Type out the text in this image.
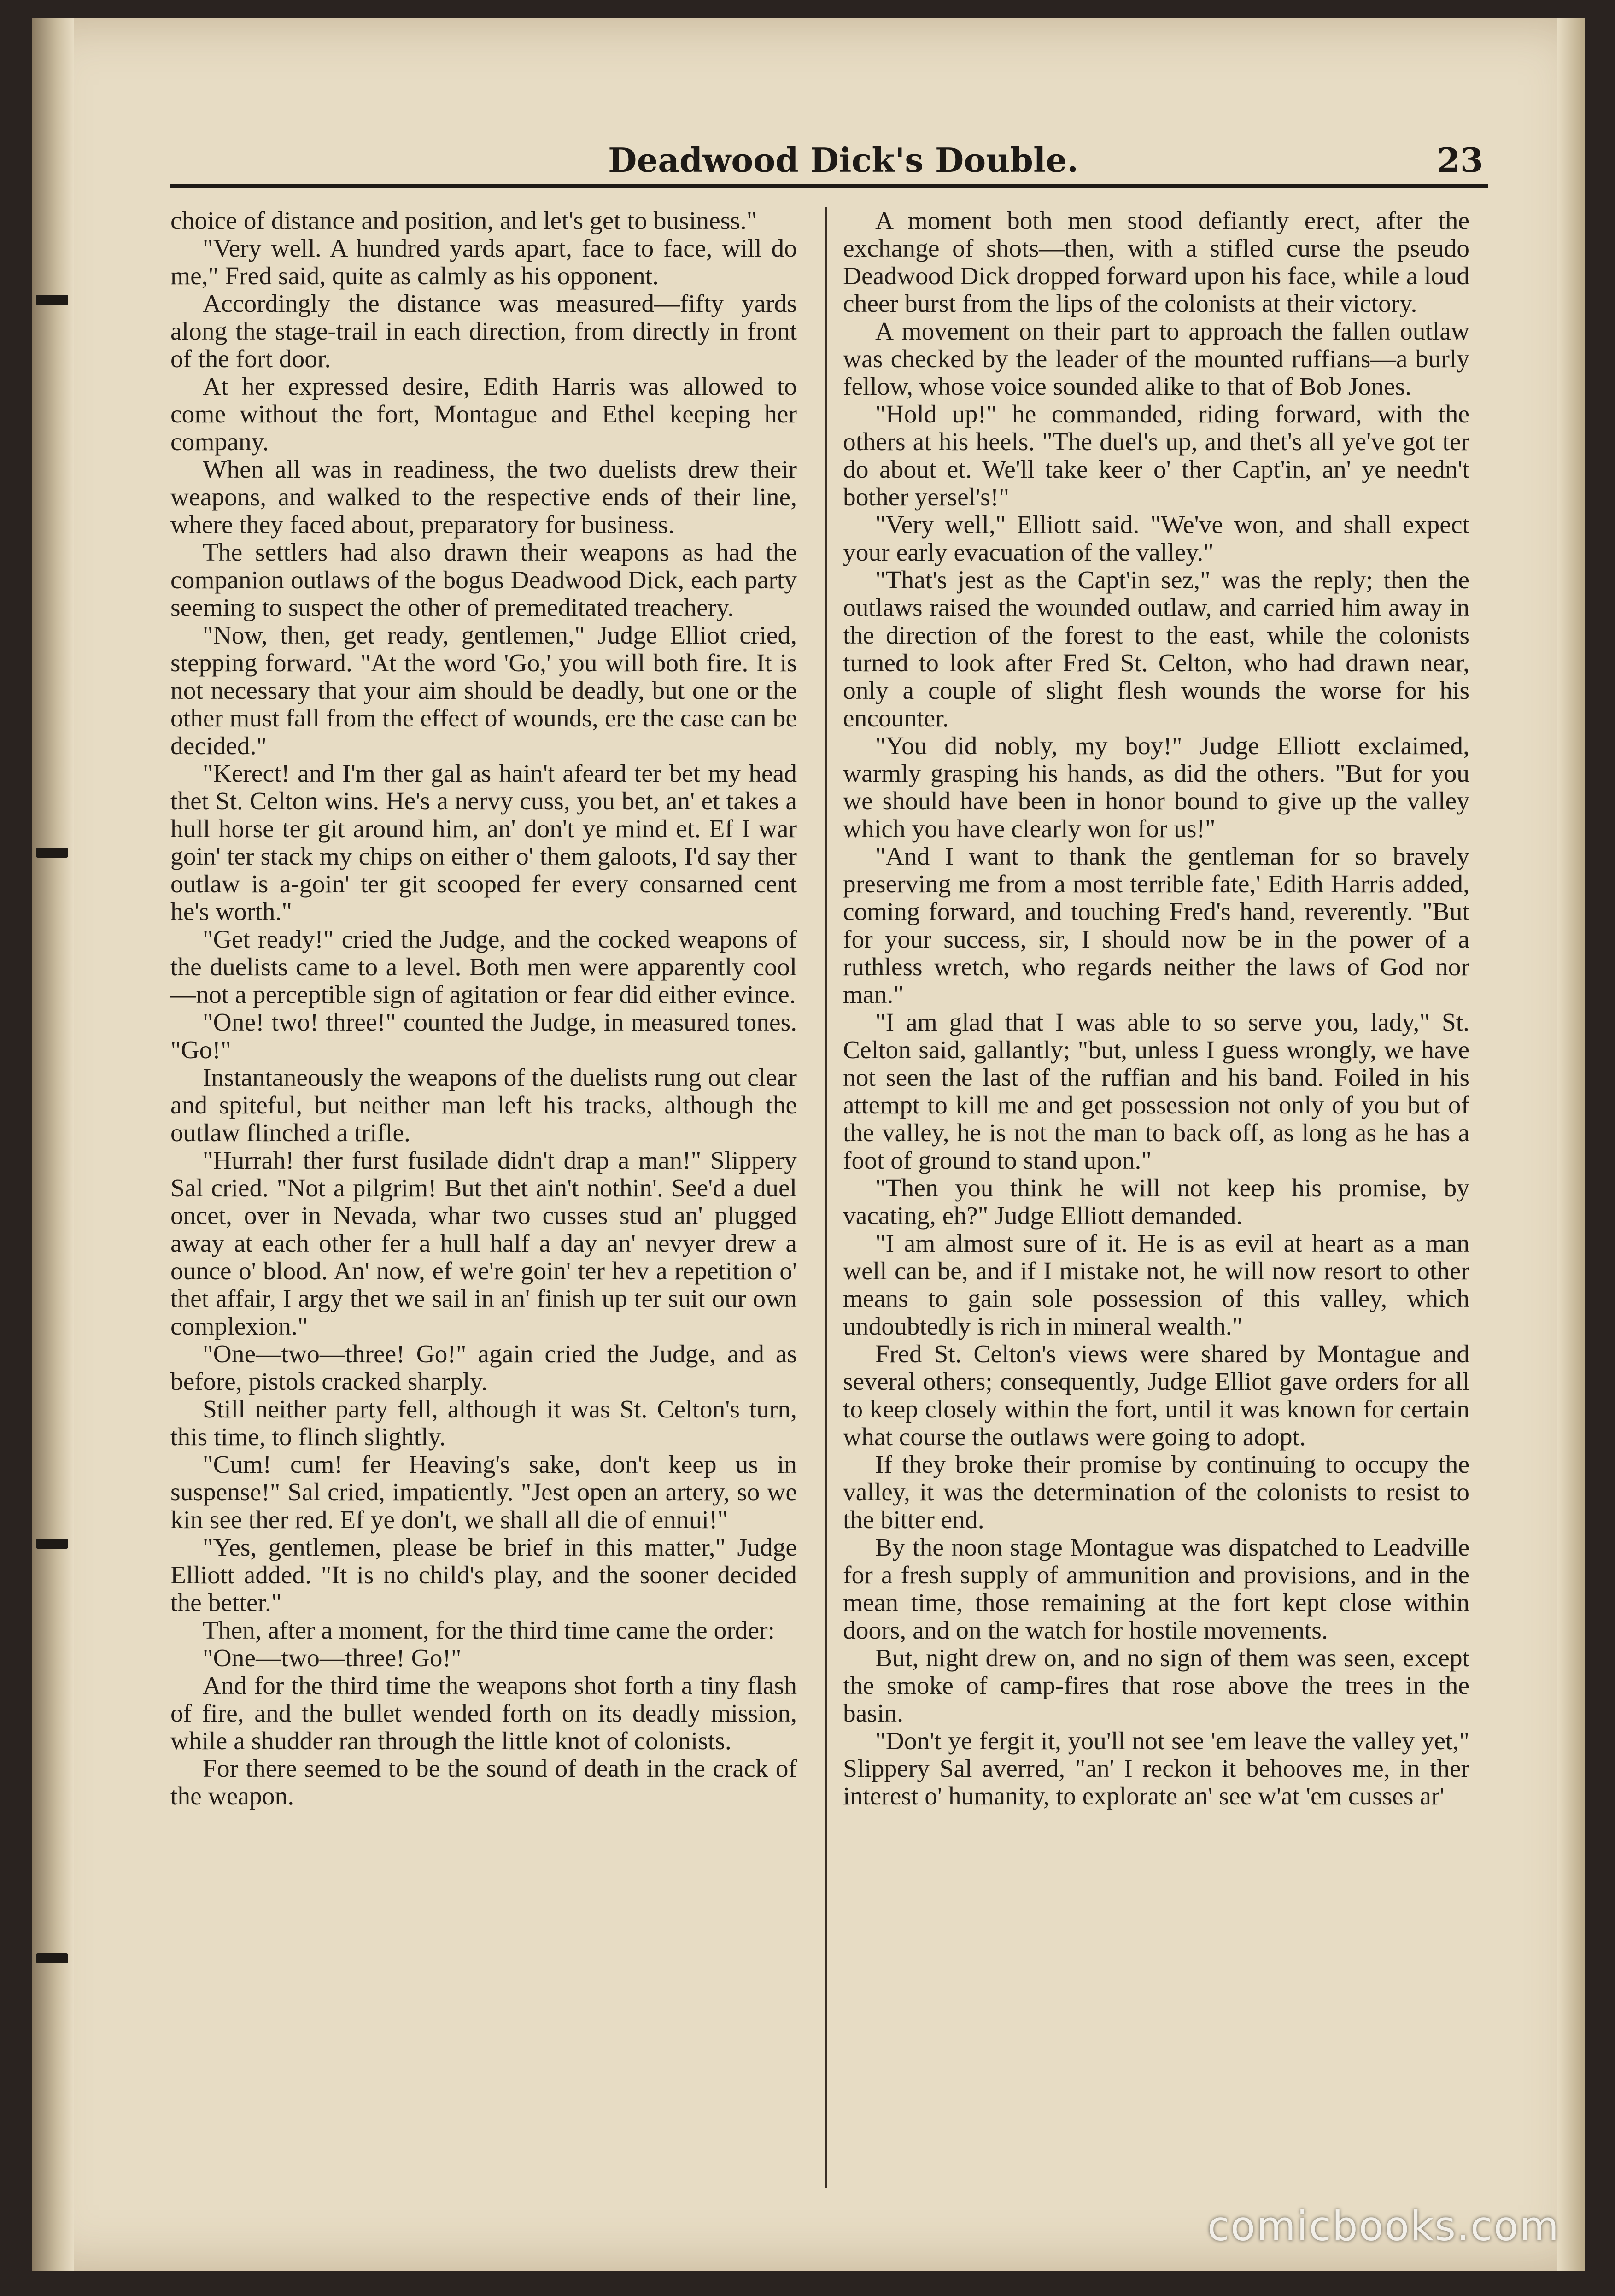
Deadwood Dick's Double.	23

choice of distance and position, and let's get to business."

"Very well. A hundred yards apart, face to face, will do me," Fred said, quite as calmly as his opponent.

Accordingly the distance was measured—fifty yards along the stage-trail in each direction, from directly in front of the fort door.

At her expressed desire, Edith Harris was allowed to come without the fort, Montague and Ethel keeping her company.

When all was in readiness, the two duelists drew their weapons, and walked to the respective ends of their line, where they faced about, preparatory for business.

The settlers had also drawn their weapons as had the companion outlaws of the bogus Deadwood Dick, each party seeming to suspect the other of premeditated treachery.

"Now, then, get ready, gentlemen," Judge Elliot cried, stepping forward. "At the word 'Go,' you will both fire. It is not necessary that your aim should be deadly, but one or the other must fall from the effect of wounds, ere the case can be decided."

"Kerect! and I'm ther gal as hain't afeard ter bet my head thet St. Celton wins. He's a nervy cuss, you bet, an' et takes a hull horse ter git around him, an' don't ye mind et. Ef I war goin' ter stack my chips on either o' them galoots, I'd say ther outlaw is a-goin' ter git scooped fer every consarned cent he's worth."

"Get ready!" cried the Judge, and the cocked weapons of the duelists came to a level. Both men were apparently cool—not a perceptible sign of agitation or fear did either evince.

"One! two! three!" counted the Judge, in measured tones. "Go!"

Instantaneously the weapons of the duelists rung out clear and spiteful, but neither man left his tracks, although the outlaw flinched a trifle.

"Hurrah! ther furst fusilade didn't drap a man!" Slippery Sal cried. "Not a pilgrim! But thet ain't nothin'. See'd a duel oncet, over in Nevada, whar two cusses stud an' plugged away at each other fer a hull half a day an' nevyer drew a ounce o' blood. An' now, ef we're goin' ter hev a repetition o' thet affair, I argy thet we sail in an' finish up ter suit our own complexion."

"One—two—three! Go!" again cried the Judge, and as before, pistols cracked sharply.

Still neither party fell, although it was St. Celton's turn, this time, to flinch slightly.

"Cum! cum! fer Heaving's sake, don't keep us in suspense!" Sal cried, impatiently. "Jest open an artery, so we kin see ther red. Ef ye don't, we shall all die of ennui!"

"Yes, gentlemen, please be brief in this matter," Judge Elliott added. "It is no child's play, and the sooner decided the better."

Then, after a moment, for the third time came the order:

"One—two—three! Go!"

And for the third time the weapons shot forth a tiny flash of fire, and the bullet wended forth on its deadly mission, while a shudder ran through the little knot of colonists.

For there seemed to be the sound of death in the crack of the weapon.

A moment both men stood defiantly erect, after the exchange of shots—then, with a stifled curse the pseudo Deadwood Dick dropped forward upon his face, while a loud cheer burst from the lips of the colonists at their victory.

A movement on their part to approach the fallen outlaw was checked by the leader of the mounted ruffians—a burly fellow, whose voice sounded alike to that of Bob Jones.

"Hold up!" he commanded, riding forward, with the others at his heels. "The duel's up, and thet's all ye've got ter do about et. We'll take keer o' ther Capt'in, an' ye needn't bother yersel's!"

"Very well," Elliott said. "We've won, and shall expect your early evacuation of the valley."

"That's jest as the Capt'in sez," was the reply; then the outlaws raised the wounded outlaw, and carried him away in the direction of the forest to the east, while the colonists turned to look after Fred St. Celton, who had drawn near, only a couple of slight flesh wounds the worse for his encounter.

"You did nobly, my boy!" Judge Elliott exclaimed, warmly grasping his hands, as did the others. "But for you we should have been in honor bound to give up the valley which you have clearly won for us!"

"And I want to thank the gentleman for so bravely preserving me from a most terrible fate,' Edith Harris added, coming forward, and touching Fred's hand, reverently. "But for your success, sir, I should now be in the power of a ruthless wretch, who regards neither the laws of God nor man."

"I am glad that I was able to so serve you, lady," St. Celton said, gallantly; "but, unless I guess wrongly, we have not seen the last of the ruffian and his band. Foiled in his attempt to kill me and get possession not only of you but of the valley, he is not the man to back off, as long as he has a foot of ground to stand upon."

"Then you think he will not keep his promise, by vacating, eh?" Judge Elliott demanded.

"I am almost sure of it. He is as evil at heart as a man well can be, and if I mistake not, he will now resort to other means to gain sole possession of this valley, which undoubtedly is rich in mineral wealth."

Fred St. Celton's views were shared by Montague and several others; consequently, Judge Elliot gave orders for all to keep closely within the fort, until it was known for certain what course the outlaws were going to adopt.

If they broke their promise by continuing to occupy the valley, it was the determination of the colonists to resist to the bitter end.

By the noon stage Montague was dispatched to Leadville for a fresh supply of ammunition and provisions, and in the mean time, those remaining at the fort kept close within doors, and on the watch for hostile movements.

But, night drew on, and no sign of them was seen, except the smoke of camp-fires that rose above the trees in the basin.

"Don't ye fergit it, you'll not see 'em leave the valley yet," Slippery Sal averred, "an' I reckon it behooves me, in ther interest o' humanity, to explorate an' see w'at 'em cusses ar'

comicbooks.com
